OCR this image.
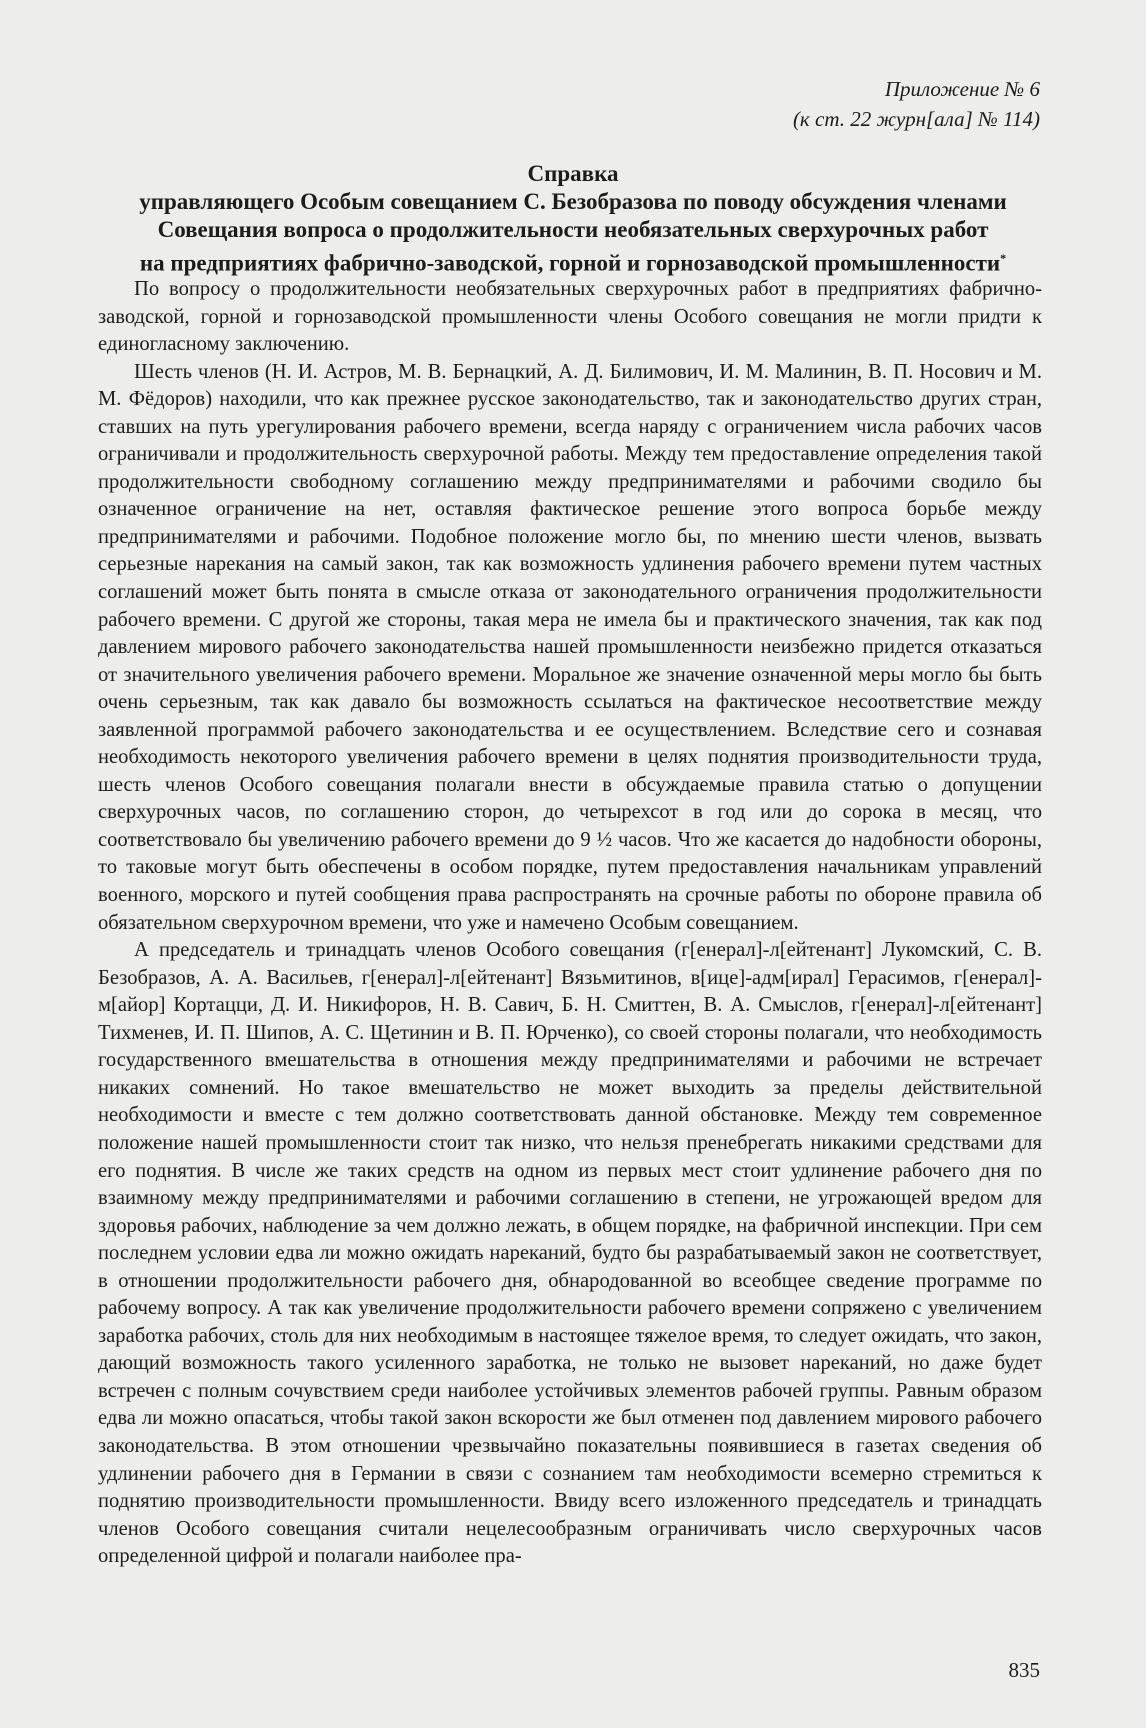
Приложение № 6
(к ст. 22 журн[ала] № 114)
Справка
управляющего Особым совещанием С. Безобразова по поводу обсуждения членами
Совещания вопроса о продолжительности необязательных сверхурочных работ
на предприятиях фабрично-заводской, горной и горнозаводской промышленности*

По вопросу о продолжительности необязательных сверхурочных работ в предприятиях фабрично-заводской, горной и горнозаводской промышленности члены Особого совещания не могли придти к единогласному заключению.

Шесть членов (Н. И. Астров, М. В. Бернацкий, А. Д. Билимович, И. М. Малинин, В. П. Носович и М. М. Фёдоров) находили, что как прежнее русское законодательство, так и законодательство других стран, ставших на путь урегулирования рабочего времени, всегда наряду с ограничением числа рабочих часов ограничивали и продолжительность сверхурочной работы. Между тем предоставление определения такой продолжительности свободному соглашению между предпринимателями и рабочими сводило бы означенное ограничение на нет, оставляя фактическое решение этого вопроса борьбе между предпринимателями и рабочими. Подобное положение могло бы, по мнению шести членов, вызвать серьезные нарекания на самый закон, так как возможность удлинения рабочего времени путем частных соглашений может быть понята в смысле отказа от законодательного ограничения продолжительности рабочего времени. С другой же стороны, такая мера не имела бы и практического значения, так как под давлением мирового рабочего законодательства нашей промышленности неизбежно придется отказаться от значительного увеличения рабочего времени. Моральное же значение означенной меры могло бы быть очень серьезным, так как давало бы возможность ссылаться на фактическое несоответствие между заявленной программой рабочего законодательства и ее осуществлением. Вследствие сего и сознавая необходимость некоторого увеличения рабочего времени в целях поднятия производительности труда, шесть членов Особого совещания полагали внести в обсуждаемые правила статью о допущении сверхурочных часов, по соглашению сторон, до четырехсот в год или до сорока в месяц, что соответствовало бы увеличению рабочего времени до 9 ½ часов. Что же касается до надобности обороны, то таковые могут быть обеспечены в особом порядке, путем предоставления начальникам управлений военного, морского и путей сообщения права распространять на срочные работы по обороне правила об обязательном сверхурочном времени, что уже и намечено Особым совещанием.

А председатель и тринадцать членов Особого совещания (г[енерал]-л[ейтенант] Лукомский, С. В. Безобразов, А. А. Васильев, г[енерал]-л[ейтенант] Вязьмитинов, в[ице]-адм[ирал] Герасимов, г[енерал]-м[айор] Кортацци, Д. И. Никифоров, Н. В. Савич, Б. Н. Смиттен, В. А. Смыслов, г[енерал]-л[ейтенант] Тихменев, И. П. Шипов, А. С. Щетинин и В. П. Юрченко), со своей стороны полагали, что необходимость государственного вмешательства в отношения между предпринимателями и рабочими не встречает никаких сомнений. Но такое вмешательство не может выходить за пределы действительной необходимости и вместе с тем должно соответствовать данной обстановке. Между тем современное положение нашей промышленности стоит так низко, что нельзя пренебрегать никакими средствами для его поднятия. В числе же таких средств на одном из первых мест стоит удлинение рабочего дня по взаимному между предпринимателями и рабочими соглашению в степени, не угрожающей вредом для здоровья рабочих, наблюдение за чем должно лежать, в общем порядке, на фабричной инспекции. При сем последнем условии едва ли можно ожидать нареканий, будто бы разрабатываемый закон не соответствует, в отношении продолжительности рабочего дня, обнародованной во всеобщее сведение программе по рабочему вопросу. А так как увеличение продолжительности рабочего времени сопряжено с увеличением заработка рабочих, столь для них необходимым в настоящее тяжелое время, то следует ожидать, что закон, дающий возможность такого усиленного заработка, не только не вызовет нареканий, но даже будет встречен с полным сочувствием среди наиболее устойчивых элементов рабочей группы. Равным образом едва ли можно опасаться, чтобы такой закон вскорости же был отменен под давлением мирового рабочего законодательства. В этом отношении чрезвычайно показательны появившиеся в газетах сведения об удлинении рабочего дня в Германии в связи с сознанием там необходимости всемерно стремиться к поднятию производительности промышленности. Ввиду всего изложенного председатель и тринадцать членов Особого совещания считали нецелесообразным ограничивать число сверхурочных часов определенной цифрой и полагали наиболее пра-

835
